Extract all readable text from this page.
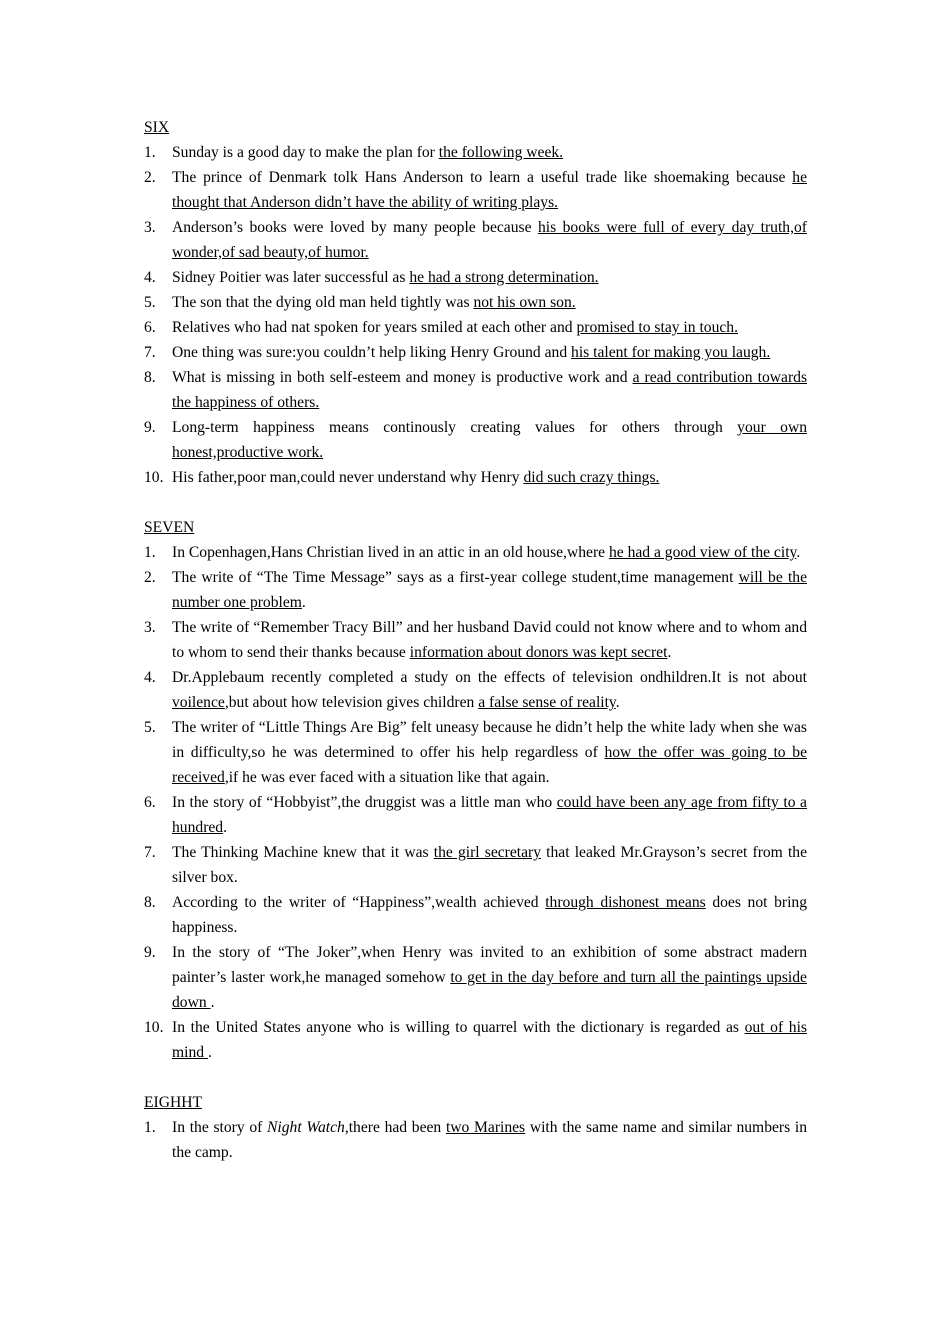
SIX
1. Sunday is a good day to make the plan for the following week.
2. The prince of Denmark tolk Hans Anderson to learn a useful trade like shoemaking because he thought that Anderson didn’t have the ability of writing plays.
3. Anderson’s books were loved by many people because his books were full of every day truth,of wonder,of sad beauty,of humor.
4. Sidney Poitier was later successful as he had a strong determination.
5. The son that the dying old man held tightly was not his own son.
6. Relatives who had nat spoken for years smiled at each other and promised to stay in touch.
7. One thing was sure:you couldn’t help liking Henry Ground and his talent for making you laugh.
8. What is missing in both self-esteem and money is productive work and a read contribution towards the happiness of others.
9. Long-term happiness means continously creating values for others through your own honest,productive work.
10. His father,poor man,could never understand why Henry did such crazy things.
SEVEN
1. In Copenhagen,Hans Christian lived in an attic in an old house,where he had a good view of the city.
2. The write of “The Time Message” says as a first-year college student,time management will be the number one problem.
3. The write of “Remember Tracy Bill” and her husband David could not know where and to whom and to whom to send their thanks because information about donors was kept secret.
4. Dr.Applebaum recently completed a study on the effects of television ondhildren.It is not about voilence,but about how television gives children a false sense of reality.
5. The writer of “Little Things Are Big” felt uneasy because he didn’t help the white lady when she was in difficulty,so he was determined to offer his help regardless of how the offer was going to be received,if he was ever faced with a situation like that again.
6. In the story of “Hobbyist”,the druggist was a little man who could have been any age from fifty to a hundred.
7. The Thinking Machine knew that it was the girl secretary that leaked Mr.Grayson’s secret from the silver box.
8. According to the writer of “Happiness”,wealth achieved through dishonest means does not bring happiness.
9. In the story of “The Joker”,when Henry was invited to an exhibition of some abstract madern painter’s laster work,he managed somehow to get in the day before and turn all the paintings upside down .
10. In the United States anyone who is willing to quarrel with the dictionary is regarded as out of his mind .
EIGHHT
1. In the story of Night Watch,there had been two Marines with the same name and similar numbers in the camp.
